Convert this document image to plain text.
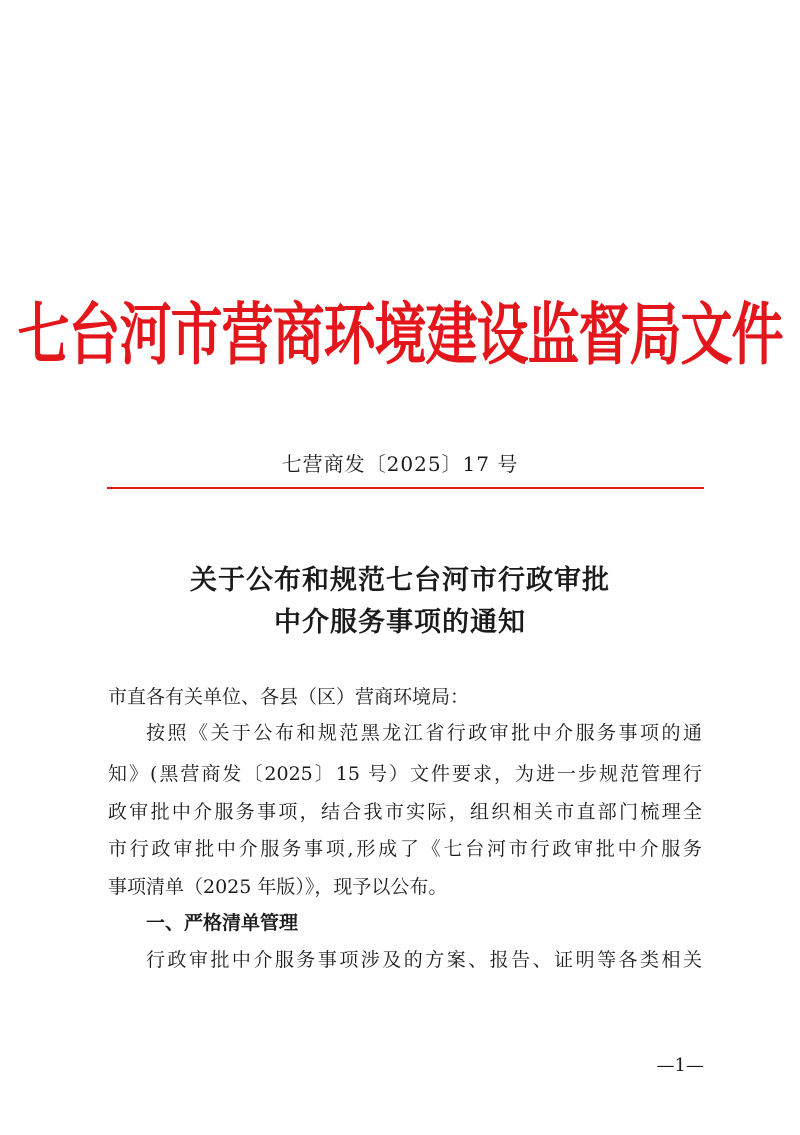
七台河市营商环境建设监督局文件
七营商发〔2025〕17 号
关于公布和规范七台河市行政审批
中介服务事项的通知
市直各有关单位、各县（区）营商环境局：
按照《关于公布和规范黑龙江省行政审批中介服务事项的通
知》(黑营商发〔2025〕15 号）文件要求，为进一步规范管理行
政审批中介服务事项，结合我市实际，组织相关市直部门梳理全
市行政审批中介服务事项,形成了《七台河市行政审批中介服务
事项清单（2025 年版）》，现予以公布。
一、严格清单管理
行政审批中介服务事项涉及的方案、报告、证明等各类相关
—1—
